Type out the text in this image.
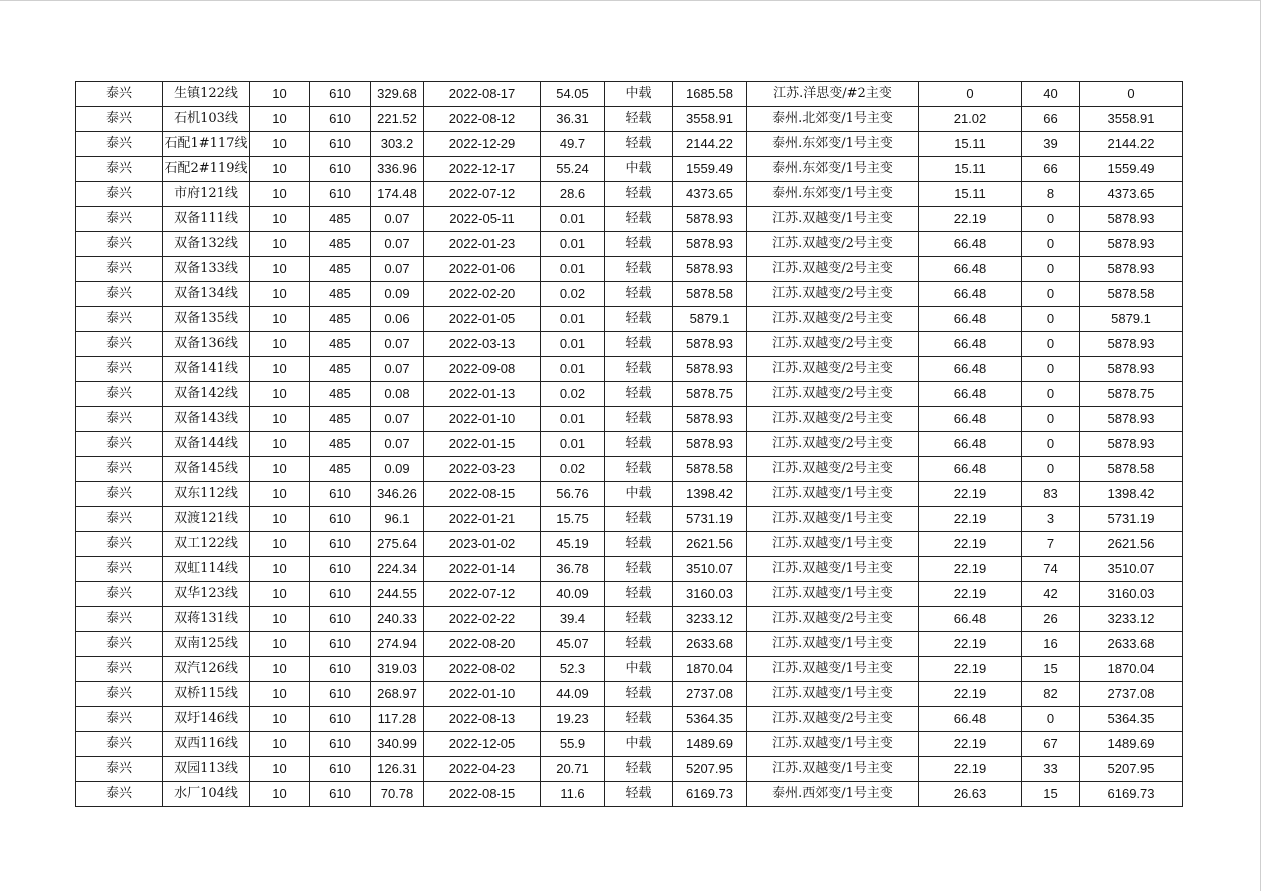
泰兴	生镇122线	10	610	329.68	2022-08-17	54.05	中载	1685.58	江苏.洋思变/#2主变	0	40	0
泰兴	石机103线	10	610	221.52	2022-08-12	36.31	轻载	3558.91	泰州.北郊变/1号主变	21.02	66	3558.91
泰兴	石配1#117线	10	610	303.2	2022-12-29	49.7	轻载	2144.22	泰州.东郊变/1号主变	15.11	39	2144.22
泰兴	石配2#119线	10	610	336.96	2022-12-17	55.24	中载	1559.49	泰州.东郊变/1号主变	15.11	66	1559.49
泰兴	市府121线	10	610	174.48	2022-07-12	28.6	轻载	4373.65	泰州.东郊变/1号主变	15.11	8	4373.65
泰兴	双备111线	10	485	0.07	2022-05-11	0.01	轻载	5878.93	江苏.双越变/1号主变	22.19	0	5878.93
泰兴	双备132线	10	485	0.07	2022-01-23	0.01	轻载	5878.93	江苏.双越变/2号主变	66.48	0	5878.93
泰兴	双备133线	10	485	0.07	2022-01-06	0.01	轻载	5878.93	江苏.双越变/2号主变	66.48	0	5878.93
泰兴	双备134线	10	485	0.09	2022-02-20	0.02	轻载	5878.58	江苏.双越变/2号主变	66.48	0	5878.58
泰兴	双备135线	10	485	0.06	2022-01-05	0.01	轻载	5879.1	江苏.双越变/2号主变	66.48	0	5879.1
泰兴	双备136线	10	485	0.07	2022-03-13	0.01	轻载	5878.93	江苏.双越变/2号主变	66.48	0	5878.93
泰兴	双备141线	10	485	0.07	2022-09-08	0.01	轻载	5878.93	江苏.双越变/2号主变	66.48	0	5878.93
泰兴	双备142线	10	485	0.08	2022-01-13	0.02	轻载	5878.75	江苏.双越变/2号主变	66.48	0	5878.75
泰兴	双备143线	10	485	0.07	2022-01-10	0.01	轻载	5878.93	江苏.双越变/2号主变	66.48	0	5878.93
泰兴	双备144线	10	485	0.07	2022-01-15	0.01	轻载	5878.93	江苏.双越变/2号主变	66.48	0	5878.93
泰兴	双备145线	10	485	0.09	2022-03-23	0.02	轻载	5878.58	江苏.双越变/2号主变	66.48	0	5878.58
泰兴	双东112线	10	610	346.26	2022-08-15	56.76	中载	1398.42	江苏.双越变/1号主变	22.19	83	1398.42
泰兴	双渡121线	10	610	96.1	2022-01-21	15.75	轻载	5731.19	江苏.双越变/1号主变	22.19	3	5731.19
泰兴	双工122线	10	610	275.64	2023-01-02	45.19	轻载	2621.56	江苏.双越变/1号主变	22.19	7	2621.56
泰兴	双虹114线	10	610	224.34	2022-01-14	36.78	轻载	3510.07	江苏.双越变/1号主变	22.19	74	3510.07
泰兴	双华123线	10	610	244.55	2022-07-12	40.09	轻载	3160.03	江苏.双越变/1号主变	22.19	42	3160.03
泰兴	双蒋131线	10	610	240.33	2022-02-22	39.4	轻载	3233.12	江苏.双越变/2号主变	66.48	26	3233.12
泰兴	双南125线	10	610	274.94	2022-08-20	45.07	轻载	2633.68	江苏.双越变/1号主变	22.19	16	2633.68
泰兴	双汽126线	10	610	319.03	2022-08-02	52.3	中载	1870.04	江苏.双越变/1号主变	22.19	15	1870.04
泰兴	双桥115线	10	610	268.97	2022-01-10	44.09	轻载	2737.08	江苏.双越变/1号主变	22.19	82	2737.08
泰兴	双圩146线	10	610	117.28	2022-08-13	19.23	轻载	5364.35	江苏.双越变/2号主变	66.48	0	5364.35
泰兴	双西116线	10	610	340.99	2022-12-05	55.9	中载	1489.69	江苏.双越变/1号主变	22.19	67	1489.69
泰兴	双园113线	10	610	126.31	2022-04-23	20.71	轻载	5207.95	江苏.双越变/1号主变	22.19	33	5207.95
泰兴	水厂104线	10	610	70.78	2022-08-15	11.6	轻载	6169.73	泰州.西郊变/1号主变	26.63	15	6169.73
